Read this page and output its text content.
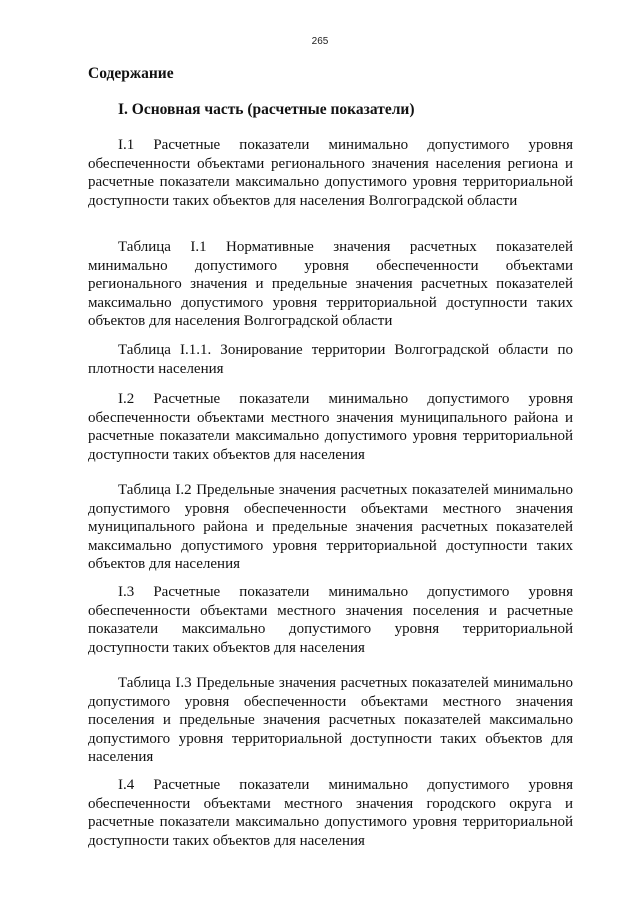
265
Содержание
I. Основная часть (расчетные показатели)
I.1 Расчетные показатели минимально допустимого уровня обеспеченности объектами регионального значения населения региона и расчетные показатели максимально допустимого уровня территориальной доступности таких объектов для населения Волгоградской области
Таблица I.1 Нормативные значения расчетных показателей минимально допустимого уровня обеспеченности объектами регионального значения и предельные значения расчетных показателей максимально допустимого уровня территориальной доступности таких объектов для населения Волгоградской области
Таблица I.1.1. Зонирование территории Волгоградской области по плотности населения
I.2 Расчетные показатели минимально допустимого уровня обеспеченности объектами местного значения муниципального района и расчетные показатели максимально допустимого уровня территориальной доступности таких объектов для населения
Таблица I.2 Предельные значения расчетных показателей минимально допустимого уровня обеспеченности объектами местного значения муниципального района и предельные значения расчетных показателей максимально допустимого уровня территориальной доступности таких объектов для населения
I.3 Расчетные показатели минимально допустимого уровня обеспеченности объектами местного значения поселения и расчетные показатели максимально допустимого уровня территориальной доступности таких объектов для населения
Таблица I.3 Предельные значения расчетных показателей минимально допустимого уровня обеспеченности объектами местного значения поселения и предельные значения расчетных показателей максимально допустимого уровня территориальной доступности таких объектов для населения
I.4 Расчетные показатели минимально допустимого уровня обеспеченности объектами местного значения городского округа и расчетные показатели максимально допустимого уровня территориальной доступности таких объектов для населения
